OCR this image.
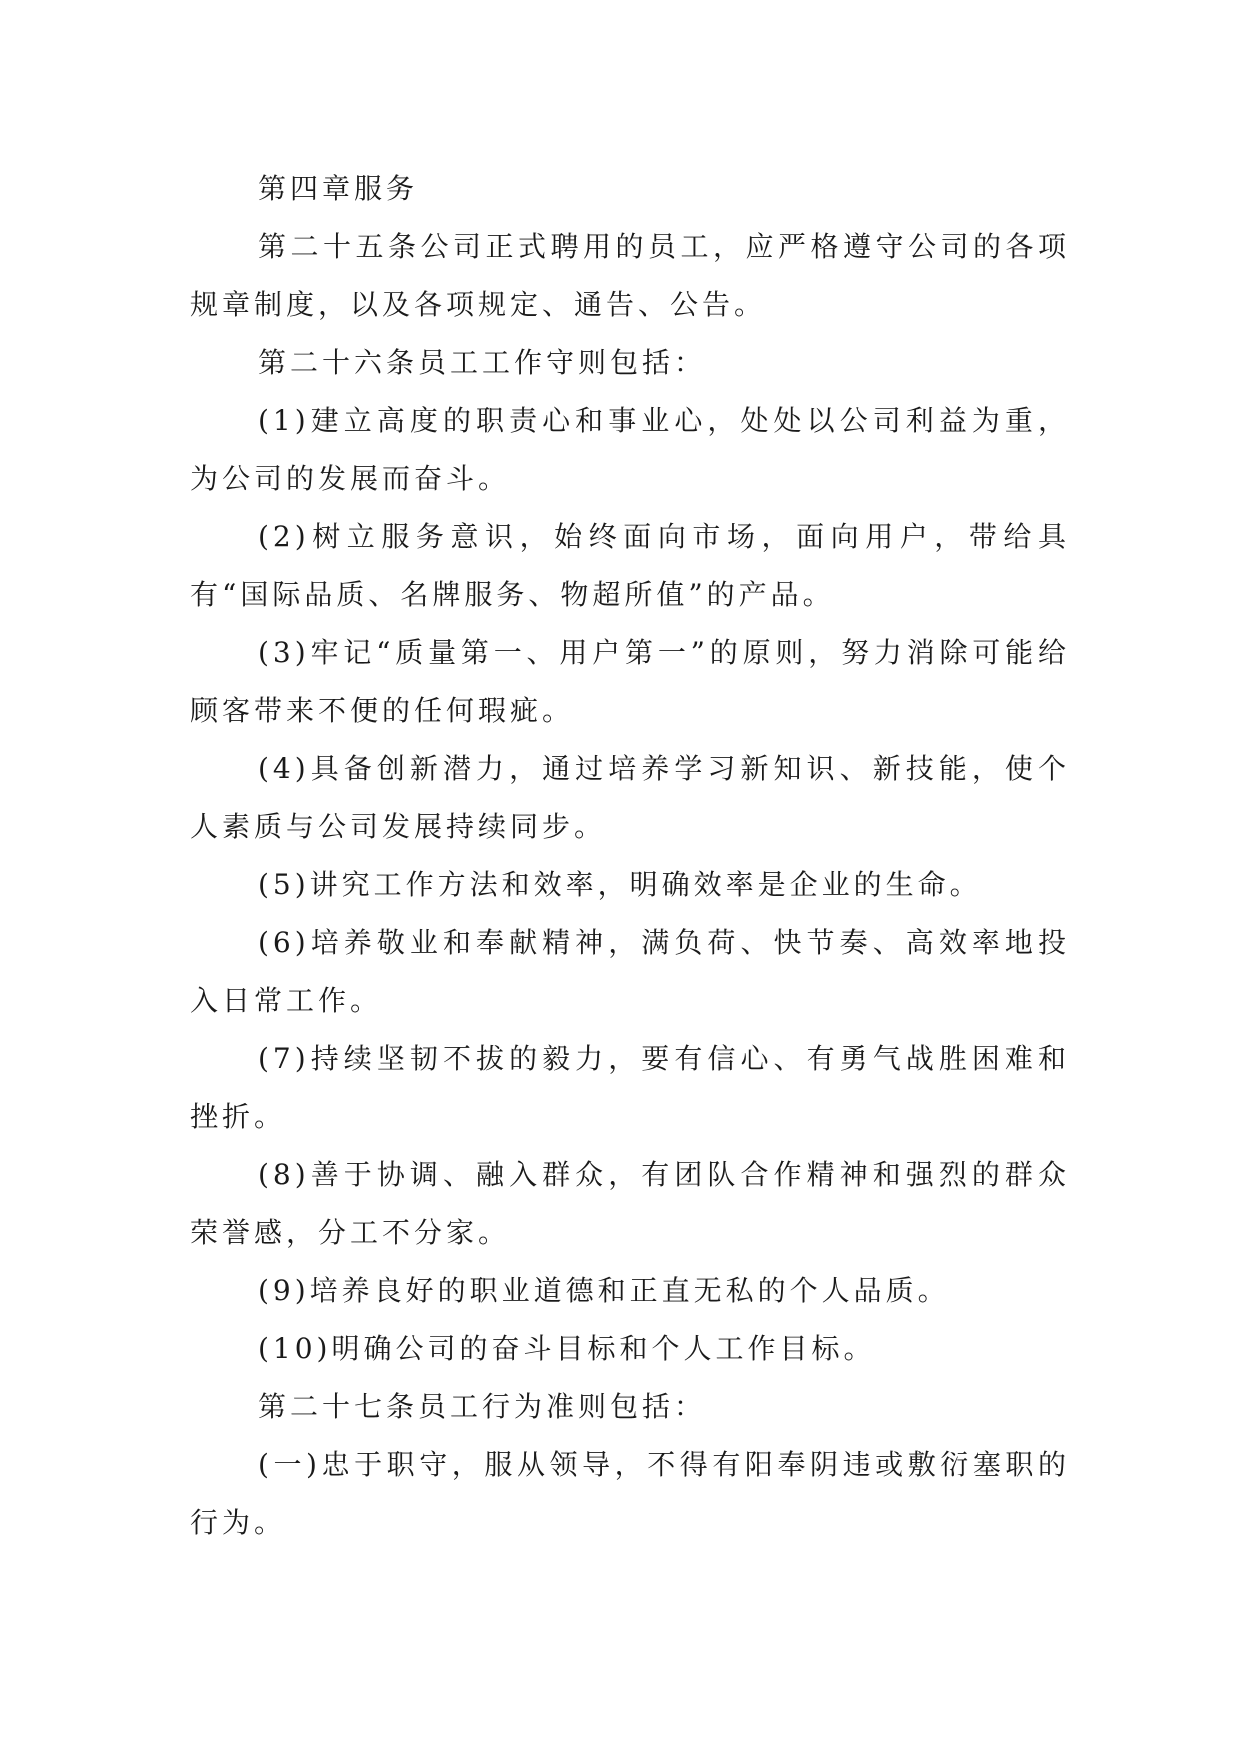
第四章服务

第二十五条公司正式聘用的员工，应严格遵守公司的各项规章制度，以及各项规定、通告、公告。

第二十六条员工工作守则包括：

(1)建立高度的职责心和事业心，处处以公司利益为重，为公司的发展而奋斗。

(2)树立服务意识，始终面向市场，面向用户，带给具有“国际品质、名牌服务、物超所值”的产品。

(3)牢记“质量第一、用户第一”的原则，努力消除可能给顾客带来不便的任何瑕疵。

(4)具备创新潜力，通过培养学习新知识、新技能，使个人素质与公司发展持续同步。

(5)讲究工作方法和效率，明确效率是企业的生命。

(6)培养敬业和奉献精神，满负荷、快节奏、高效率地投入日常工作。

(7)持续坚韧不拔的毅力，要有信心、有勇气战胜困难和挫折。

(8)善于协调、融入群众，有团队合作精神和强烈的群众荣誉感，分工不分家。

(9)培养良好的职业道德和正直无私的个人品质。

(10)明确公司的奋斗目标和个人工作目标。

第二十七条员工行为准则包括：

(一)忠于职守，服从领导，不得有阳奉阴违或敷衍塞职的行为。
